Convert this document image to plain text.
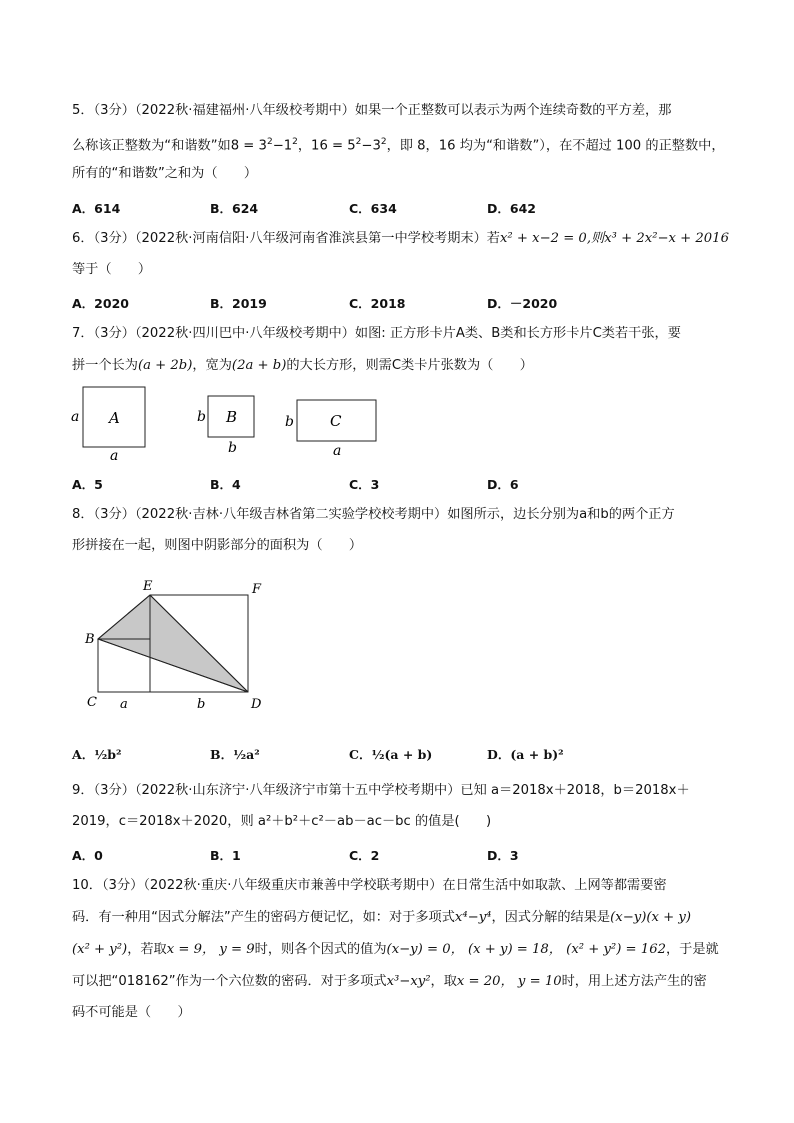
5．（3分）（2022秋·福建福州·八年级校考期中）如果一个正整数可以表示为两个连续奇数的平方差，那
么称该正整数为“和谐数”如$8 = 3^2-1^2$，$16 = 5^2-3^2$，即 8，16 均为“和谐数”），在不超过 100 的正整数中，
所有的“和谐数”之和为（　　）
A．614	B．624	C．634	D．642
6．（3分）（2022秋·河南信阳·八年级河南省淮滨县第一中学校考期末）若x² + x−2 = 0,则x³ + 2x²−x + 2016
等于（　　）
A．2020	B．2019	C．2018	D．－2020
7．（3分）（2022秋·四川巴中·八年级校考期中）如图: 正方形卡片A类、B类和长方形卡片C类若干张，要
拼一个长为(a + 2b)，宽为(2a + b)的大长方形，则需C类卡片张数为（　　）
a A
a
b B
b
b C
a
A．5	B．4	C．3	D．6
8．（3分）（2022秋·吉林·八年级吉林省第二实验学校校考期中）如图所示，边长分别为a和b的两个正方
形拼接在一起，则图中阴影部分的面积为（　　）
E	F
B
C	D
a	b
A．½b²	B．½a²	C．½(a + b)	D．(a + b)²
9．（3分）（2022秋·山东济宁·八年级济宁市第十五中学校考期中）已知 a＝2018x＋2018，b＝2018x＋
2019，c＝2018x＋2020，则 a²＋b²＋c²－ab－ac－bc 的值是(　　)
A．0	B．1	C．2	D．3
10．（3分）（2022秋·重庆·八年级重庆市兼善中学校联考期中）在日常生活中如取款、上网等都需要密
码．有一种用“因式分解法”产生的密码方便记忆，如：对于多项式x⁴−y⁴，因式分解的结果是(x−y)(x + y)
(x² + y²)，若取x = 9， y = 9时，则各个因式的值为(x−y) = 0， (x + y) = 18， (x² + y²) = 162，于是就
可以把“018162”作为一个六位数的密码．对于多项式x³−xy²，取x = 20， y = 10时，用上述方法产生的密
码不可能是（　　）
